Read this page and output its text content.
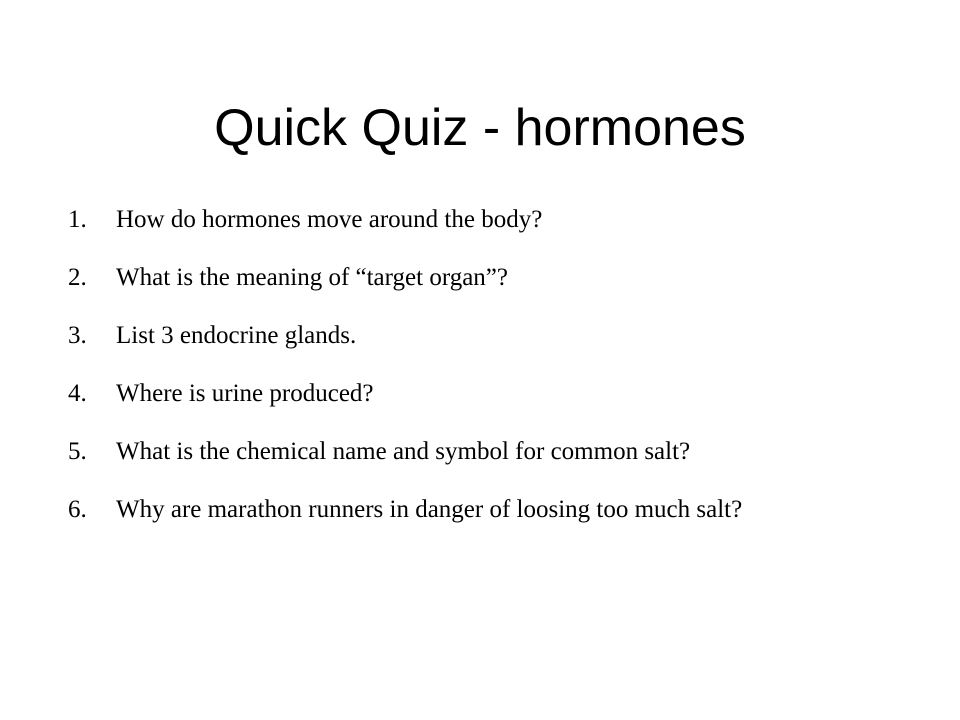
Quick Quiz - hormones
1.	How do hormones move around the body?
2.	What is the meaning of “target organ”?
3.	List 3 endocrine glands.
4.	Where is urine produced?
5.	What is the chemical name and symbol for common salt?
6.	Why are marathon runners in danger of loosing too much salt?
